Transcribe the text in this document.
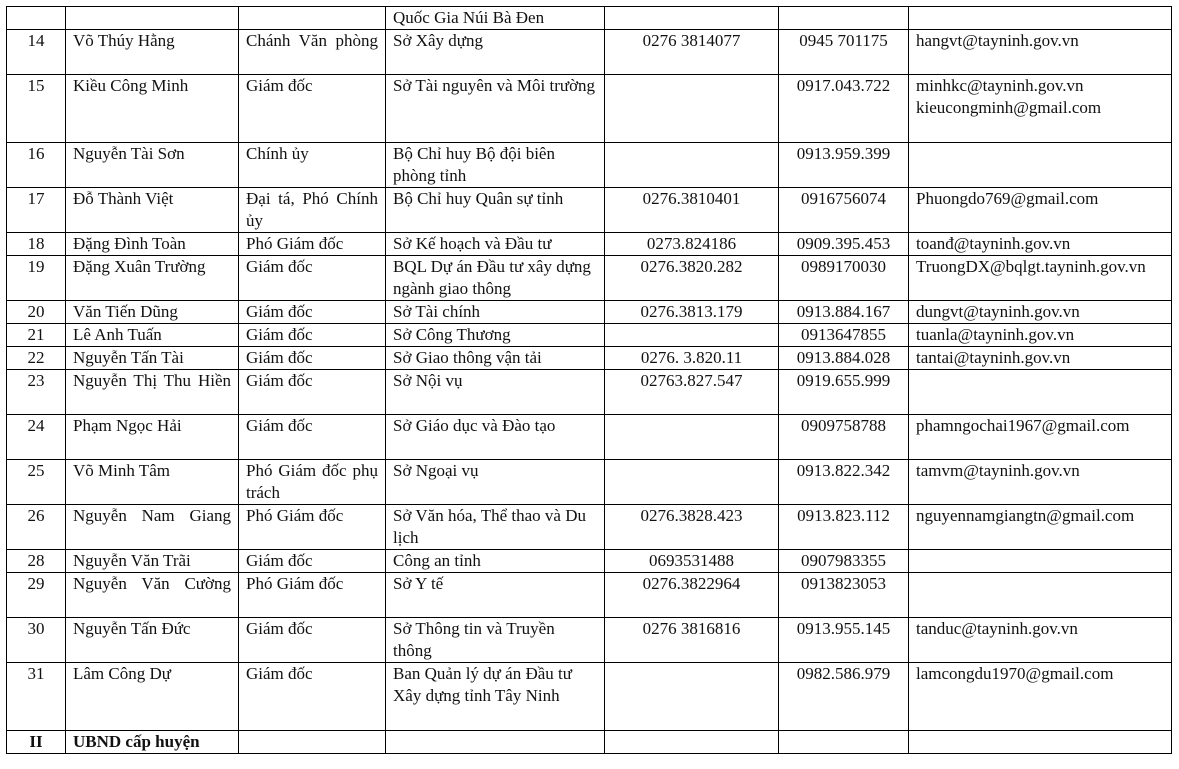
			Quốc Gia Núi Bà Đen			
14	Võ Thúy Hằng	Chánh Văn phòng	Sở Xây dựng	0276 3814077	0945 701175	hangvt@tayninh.gov.vn
15	Kiều Công Minh	Giám đốc	Sở Tài nguyên và Môi trường		0917.043.722	minhkc@tayninh.gov.vn
kieucongminh@gmail.com

16	Nguyễn Tài Sơn	Chính ủy	Bộ Chỉ huy Bộ đội biên phòng tỉnh		0913.959.399	
17	Đỗ Thành Việt	Đại tá, Phó Chính ủy	Bộ Chỉ huy Quân sự tỉnh	0276.3810401	0916756074	Phuongdo769@gmail.com
18	Đặng Đình Toàn	Phó Giám đốc	Sở Kế hoạch và Đầu tư	0273.824186	0909.395.453	toanđ@tayninh.gov.vn
19	Đặng Xuân Trường	Giám đốc	BQL Dự án Đầu tư xây dựng ngành giao thông	0276.3820.282	0989170030	TruongDX@bqlgt.tayninh.gov.vn
20	Văn Tiến Dũng	Giám đốc	Sở Tài chính	0276.3813.179	0913.884.167	dungvt@tayninh.gov.vn
21	Lê Anh Tuấn	Giám đốc	Sở Công Thương		0913647855	tuanla@tayninh.gov.vn
22	Nguyễn Tấn Tài	Giám đốc	Sở Giao thông vận tải	0276. 3.820.11	0913.884.028	tantai@tayninh.gov.vn
23	Nguyễn Thị Thu Hiền	Giám đốc	Sở Nội vụ	02763.827.547	0919.655.999	
24	Phạm Ngọc Hải	Giám đốc	Sở Giáo dục và Đào tạo		0909758788	phamngochai1967@gmail.com
25	Võ Minh Tâm	Phó Giám đốc phụ trách	Sở Ngoại vụ		0913.822.342	tamvm@tayninh.gov.vn
26	Nguyễn Nam Giang	Phó Giám đốc	Sở Văn hóa, Thể thao và Du lịch	0276.3828.423	0913.823.112	nguyennamgiangtn@gmail.com
28	Nguyễn Văn Trãi	Giám đốc	Công an tỉnh	0693531488	0907983355	
29	Nguyễn Văn Cường	Phó Giám đốc	Sở Y tế	0276.3822964	0913823053	
30	Nguyễn Tấn Đức	Giám đốc	Sở Thông tin và Truyền thông	0276 3816816	0913.955.145	tanduc@tayninh.gov.vn
31	Lâm Công Dự	Giám đốc	Ban Quản lý dự án Đầu tư Xây dựng tỉnh Tây Ninh		0982.586.979	lamcongdu1970@gmail.com
II	UBND cấp huyện					
